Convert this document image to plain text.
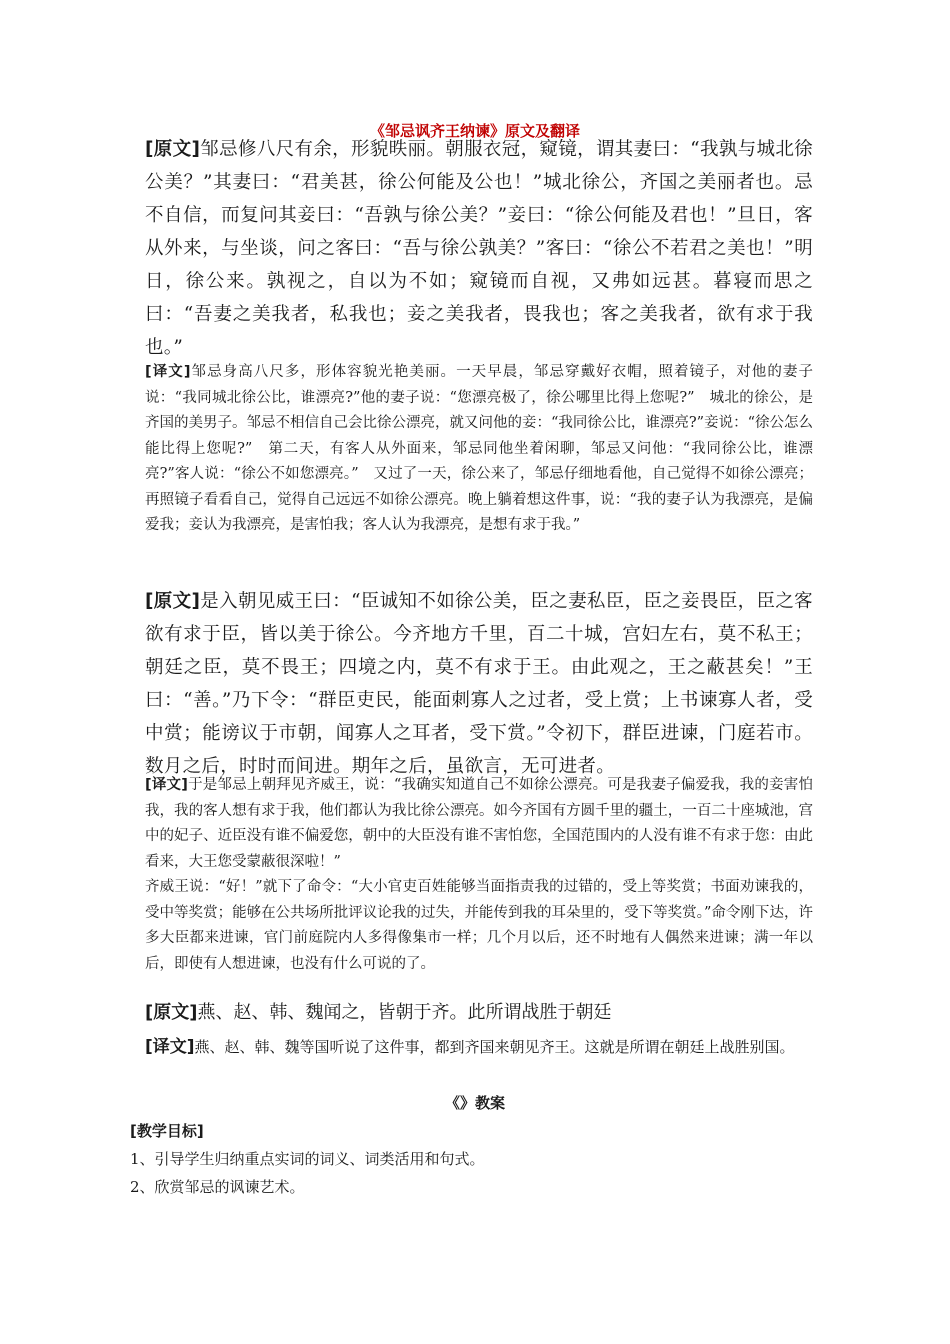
《邹忌讽齐王纳谏》原文及翻译
[原文]邹忌修八尺有余，形貌昳丽。朝服衣冠，窥镜，谓其妻曰：“我孰与城北徐公美？”其妻曰：“君美甚，徐公何能及公也！”城北徐公，齐国之美丽者也。忌不自信，而复问其妾曰：“吾孰与徐公美？”妾曰：“徐公何能及君也！”旦日，客从外来，与坐谈，问之客曰：“吾与徐公孰美？”客曰：“徐公不若君之美也！”明日，徐公来。孰视之，自以为不如；窥镜而自视，又弗如远甚。暮寝而思之曰：“吾妻之美我者，私我也；妾之美我者，畏我也；客之美我者，欲有求于我也。”
[译文]邹忌身高八尺多，形体容貌光艳美丽。一天早晨，邹忌穿戴好衣帽，照着镜子，对他的妻子说：“我同城北徐公比，谁漂亮?”他的妻子说：“您漂亮极了，徐公哪里比得上您呢?”　城北的徐公，是齐国的美男子。邹忌不相信自己会比徐公漂亮，就又问他的妾：“我同徐公比，谁漂亮?”妾说：“徐公怎么能比得上您呢?”　第二天，有客人从外面来，邹忌同他坐着闲聊，邹忌又问他：“我同徐公比，谁漂亮?”客人说：“徐公不如您漂亮。”　又过了一天，徐公来了，邹忌仔细地看他，自己觉得不如徐公漂亮；再照镜子看看自己，觉得自己远远不如徐公漂亮。晚上躺着想这件事，说：“我的妻子认为我漂亮，是偏爱我；妾认为我漂亮，是害怕我；客人认为我漂亮，是想有求于我。”
[原文]是入朝见威王曰：“臣诚知不如徐公美，臣之妻私臣，臣之妾畏臣，臣之客欲有求于臣，皆以美于徐公。今齐地方千里，百二十城，宫妇左右，莫不私王；朝廷之臣，莫不畏王；四境之内，莫不有求于王。由此观之，王之蔽甚矣！”王曰：“善。”乃下令：“群臣吏民，能面刺寡人之过者，受上赏；上书谏寡人者，受中赏；能谤议于市朝，闻寡人之耳者，受下赏。”令初下，群臣进谏，门庭若市。数月之后，时时而间进。期年之后，虽欲言，无可进者。
[译文]于是邹忌上朝拜见齐威王，说：“我确实知道自己不如徐公漂亮。可是我妻子偏爱我，我的妾害怕我，我的客人想有求于我，他们都认为我比徐公漂亮。如今齐国有方圆千里的疆土，一百二十座城池，宫中的妃子、近臣没有谁不偏爱您，朝中的大臣没有谁不害怕您，全国范围内的人没有谁不有求于您：由此看来，大王您受蒙蔽很深啦！”
齐威王说：“好！”就下了命令：“大小官吏百姓能够当面指责我的过错的，受上等奖赏；书面劝谏我的，受中等奖赏；能够在公共场所批评议论我的过失，并能传到我的耳朵里的，受下等奖赏。”命令刚下达，许多大臣都来进谏，官门前庭院内人多得像集市一样；几个月以后，还不时地有人偶然来进谏；满一年以后，即使有人想进谏，也没有什么可说的了。
[原文]燕、赵、韩、魏闻之，皆朝于齐。此所谓战胜于朝廷
[译文]燕、赵、韩、魏等国听说了这件事，都到齐国来朝见齐王。这就是所谓在朝廷上战胜别国。
《》教案
[教学目标]
1、引导学生归纳重点实词的词义、词类活用和句式。
2、欣赏邹忌的讽谏艺术。
